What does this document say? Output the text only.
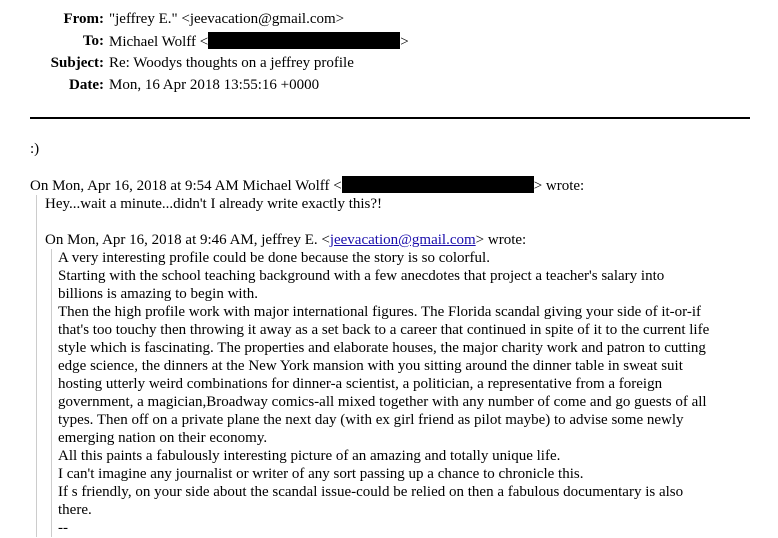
From: "jeffrey E." <jeevacation@gmail.com>
To: Michael Wolff <	>
Subject: Re: Woodys thoughts on a jeffrey profile
Date: Mon, 16 Apr 2018 13:55:16 +0000
:)
On Mon, Apr 16, 2018 at 9:54 AM Michael Wolff <	> wrote:
Hey...wait a minute...didn't I already write exactly this?!
On Mon, Apr 16, 2018 at 9:46 AM, jeffrey E. <jeevacation@gmail.com> wrote:
A very interesting profile could be done because the story is so colorful.
Starting with the school teaching background with a few anecdotes that project a teacher's salary into
billions is amazing to begin with.
Then the high profile work with major international figures. The Florida scandal giving your side of it-or-if
that's too touchy then throwing it away as a set back to a career that continued in spite of it to the current life
style which is fascinating. The properties and elaborate houses, the major charity work and patron to cutting
edge science, the dinners at the New York mansion with you sitting around the dinner table in sweat suit
hosting utterly weird combinations for dinner-a scientist, a politician, a representative from a foreign
government, a magician,Broadway comics-all mixed together with any number of come and go guests of all
types. Then off on a private plane the next day (with ex girl friend as pilot maybe) to advise some newly
emerging nation on their economy.
All this paints a fabulously interesting picture of an amazing and totally unique life.
I can't imagine any journalist or writer of any sort passing up a chance to chronicle this.
If s friendly, on your side about the scandal issue-could be relied on then a fabulous documentary is also
there.
--
